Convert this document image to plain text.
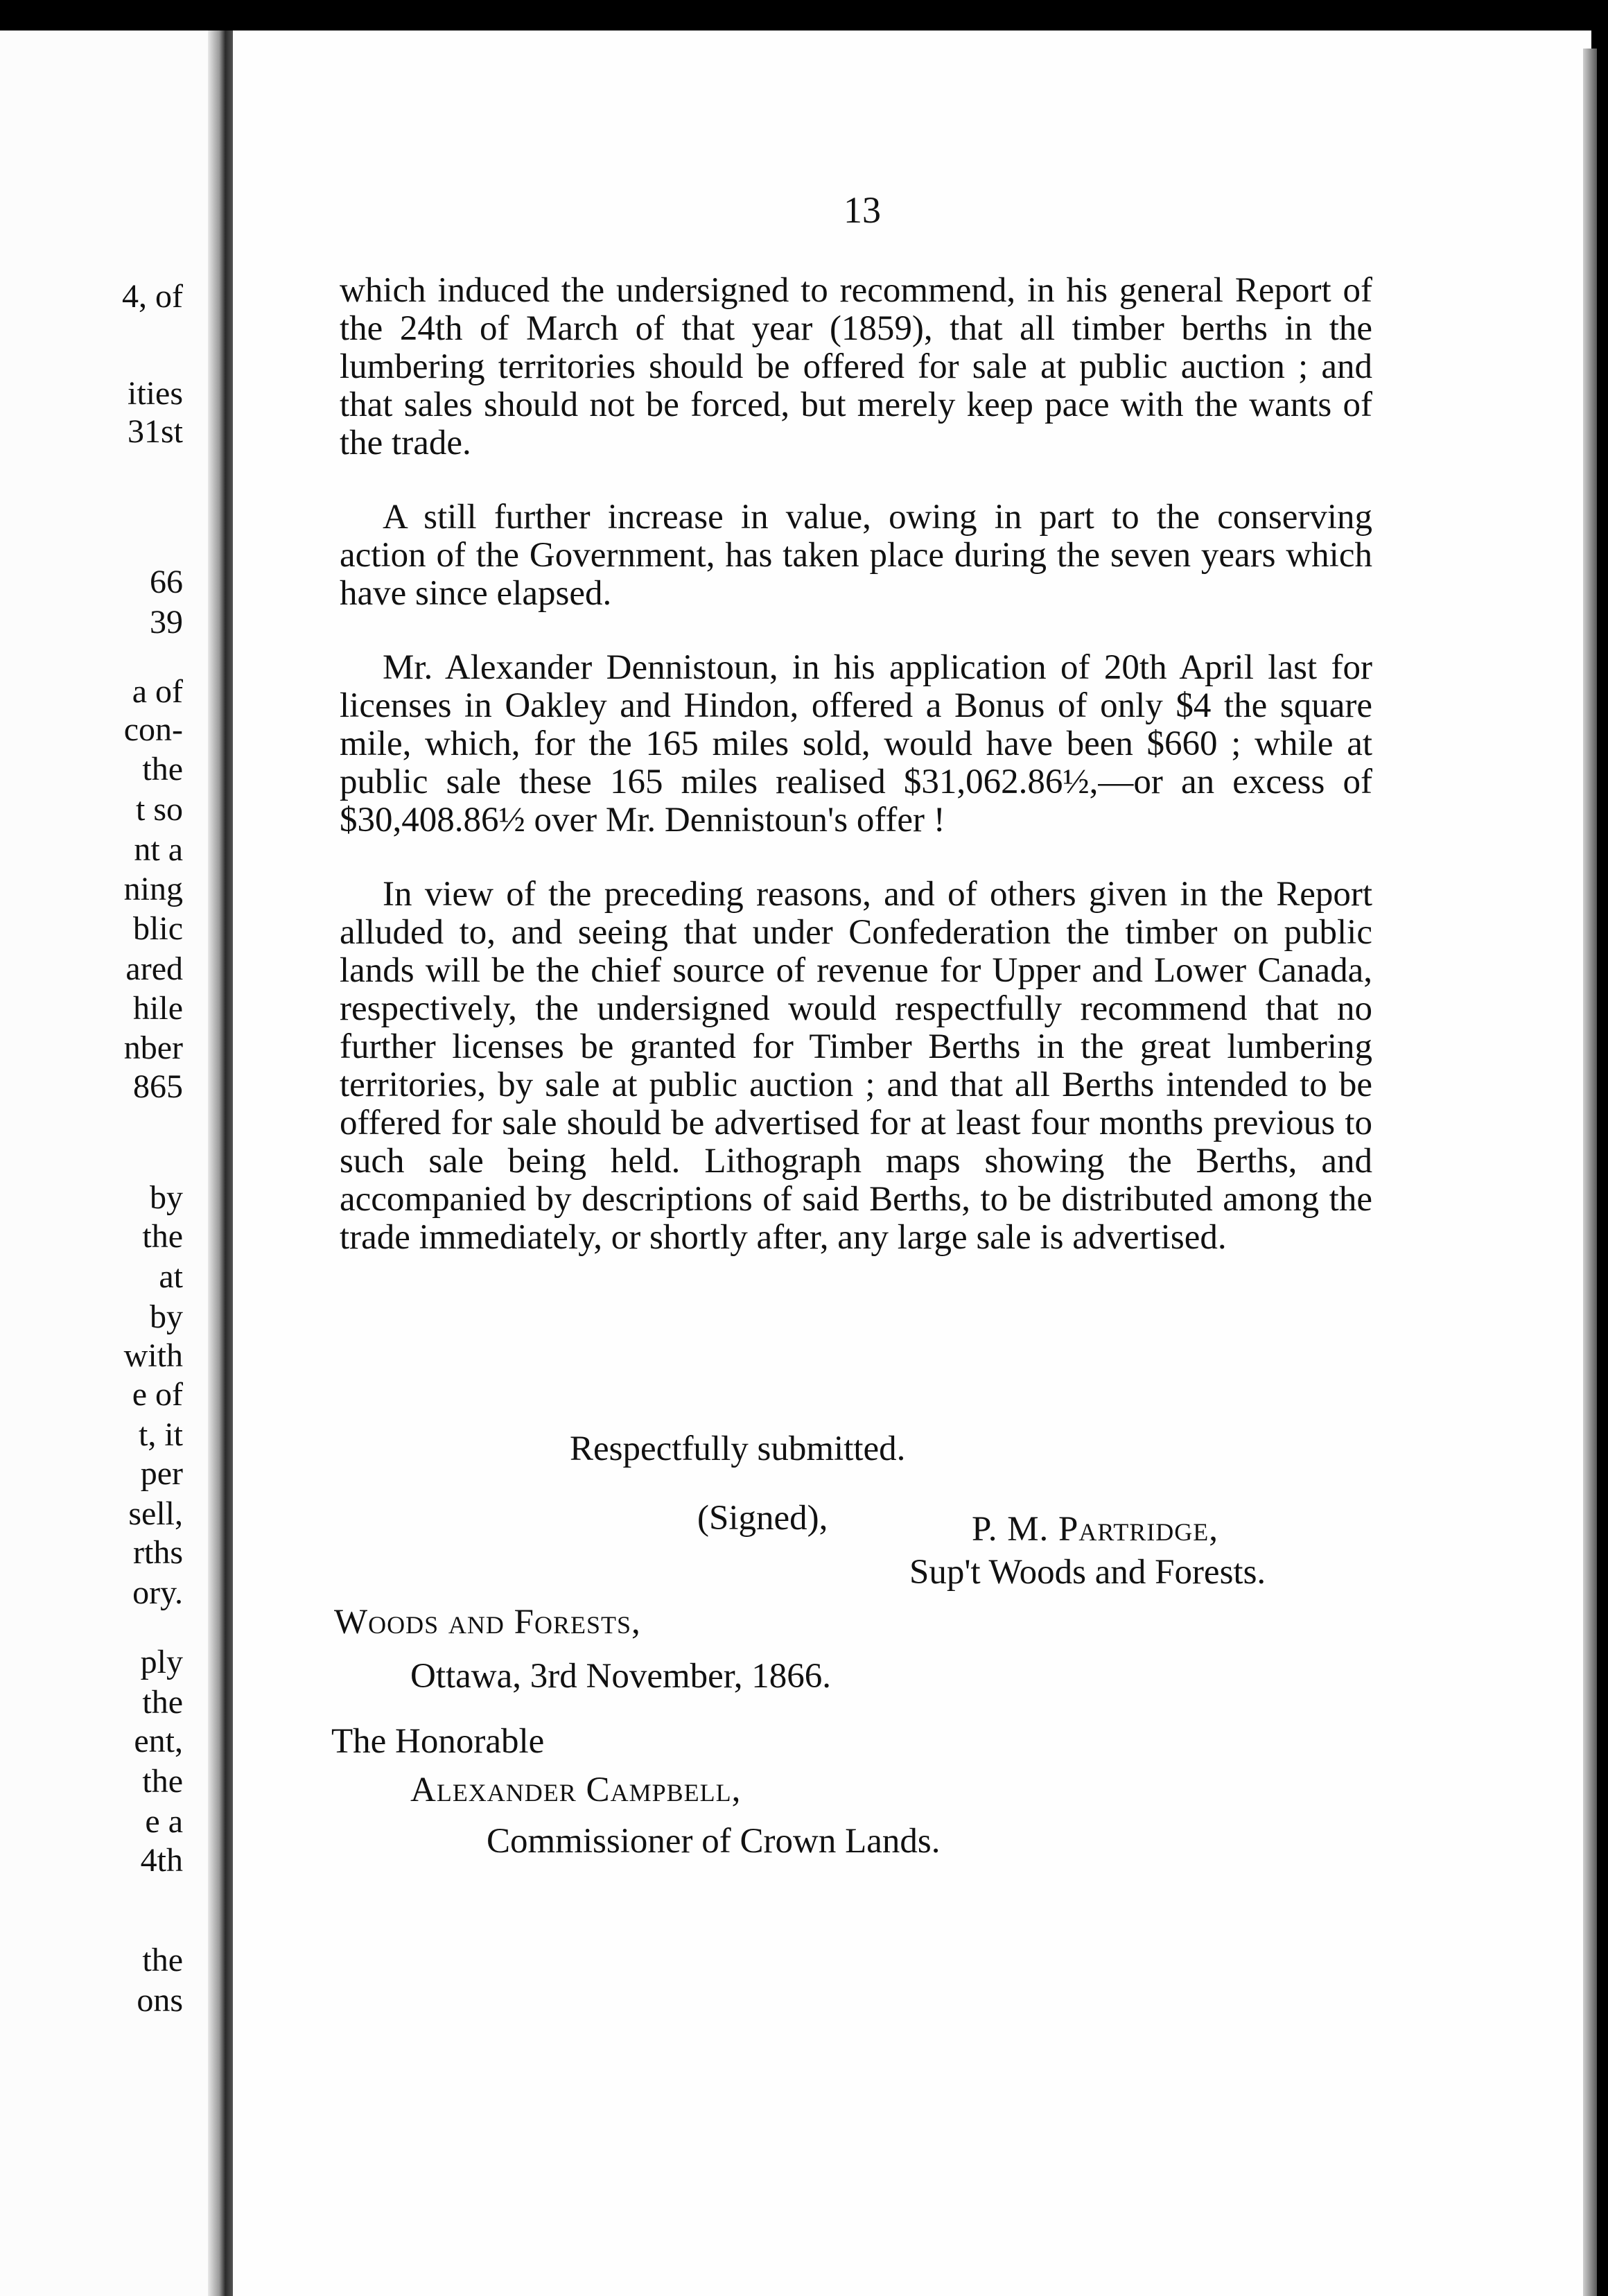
4, of
ities
31st
66
39
a of
con-
the
t so
nt a
ning
blic
ared
hile
nber
865
by
the
at
by
with
e of
t, it
per
sell,
rths
ory.
ply
the
ent,
the
e a
4th
the
ons
13

which induced the undersigned to recommend, in his general Report of the 24th of March of that year (1859), that all timber berths in the lumbering territories should be offered for sale at public auction ; and that sales should not be forced, but merely keep pace with the wants of the trade.

A still further increase in value, owing in part to the conserving action of the Government, has taken place during the seven years which have since elapsed.

Mr. Alexander Dennistoun, in his application of 20th April last for licenses in Oakley and Hindon, offered a Bonus of only $4 the square mile, which, for the 165 miles sold, would have been $660 ; while at public sale these 165 miles realised $31,062.86½,—or an excess of $30,408.86½ over Mr. Dennistoun's offer !

In view of the preceding reasons, and of others given in the Report alluded to, and seeing that under Confederation the timber on public lands will be the chief source of revenue for Upper and Lower Canada, respectively, the undersigned would respectfully recommend that no further licenses be granted for Timber Berths in the great lumbering territories, by sale at public auction ; and that all Berths intended to be offered for sale should be advertised for at least four months previous to such sale being held. Lithograph maps showing the Berths, and accompanied by descriptions of said Berths, to be distributed among the trade immediately, or shortly after, any large sale is advertised.

Respectfully submitted.
(Signed),	P. M. Partridge,
Sup't Woods and Forests.
Woods and Forests,
Ottawa, 3rd November, 1866.
The Honorable
Alexander Campbell,
Commissioner of Crown Lands.
